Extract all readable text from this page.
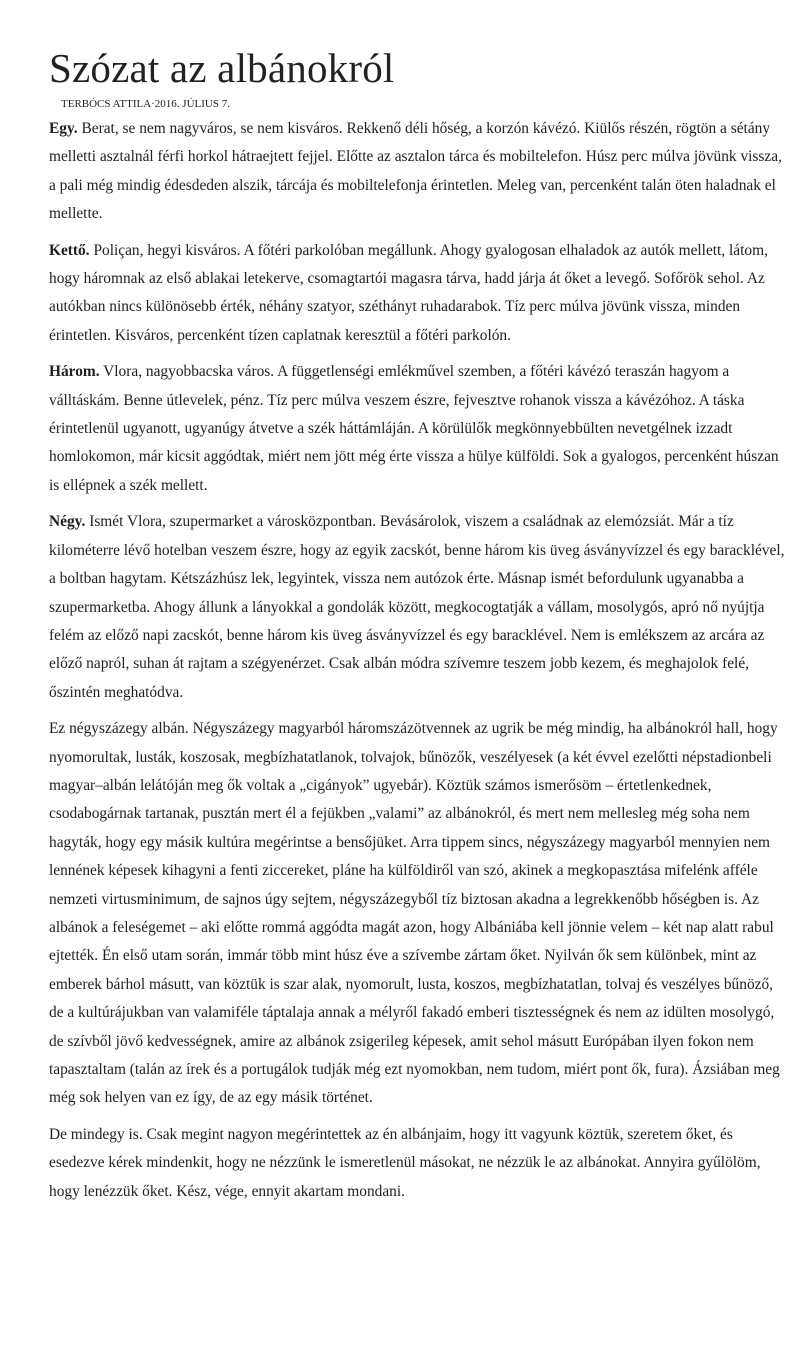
Szózat az albánokról
TERBÓCS ATTILA·2016. JÚLIUS 7.

Egy. Berat, se nem nagyváros, se nem kisváros. Rekkenő déli hőség, a korzón kávézó. Kiülős részén, rögtön a sétány melletti asztalnál férfi horkol hátraejtett fejjel. Előtte az asztalon tárca és mobiltelefon. Húsz perc múlva jövünk vissza, a pali még mindig édesdeden alszik, tárcája és mobiltelefonja érintetlen. Meleg van, percenként talán öten haladnak el mellette.

Kettő. Poliçan, hegyi kisváros. A főtéri parkolóban megállunk. Ahogy gyalogosan elhaladok az autók mellett, látom, hogy háromnak az első ablakai letekerve, csomagtartói magasra tárva, hadd járja át őket a levegő. Sofőrök sehol. Az autókban nincs különösebb érték, néhány szatyor, széthányt ruhadarabok. Tíz perc múlva jövünk vissza, minden érintetlen. Kisváros, percenként tízen caplatnak keresztül a főtéri parkolón.

Három. Vlora, nagyobbacska város. A függetlenségi emlékművel szemben, a főtéri kávézó teraszán hagyom a válltáskám. Benne útlevelek, pénz. Tíz perc múlva veszem észre, fejvesztve rohanok vissza a kávézóhoz. A táska érintetlenül ugyanott, ugyanúgy átvetve a szék háttámláján. A körülülők megkönnyebbülten nevetgélnek izzadt homlokomon, már kicsit aggódtak, miért nem jött még érte vissza a hülye külföldi. Sok a gyalogos, percenként húszan is ellépnek a szék mellett.

Négy. Ismét Vlora, szupermarket a városközpontban. Bevásárolok, viszem a családnak az elemózsiát. Már a tíz kilométerre lévő hotelban veszem észre, hogy az egyik zacskót, benne három kis üveg ásványvízzel és egy baracklével, a boltban hagytam. Kétszázhúsz lek, legyintek, vissza nem autózok érte. Másnap ismét befordulunk ugyanabba a szupermarketba. Ahogy állunk a lányokkal a gondolák között, megkocogtatják a vállam, mosolygós, apró nő nyújtja felém az előző napi zacskót, benne három kis üveg ásványvízzel és egy baracklével. Nem is emlékszem az arcára az előző napról, suhan át rajtam a szégyenérzet. Csak albán módra szívemre teszem jobb kezem, és meghajolok felé, őszintén meghatódva.

Ez négyszázegy albán. Négyszázegy magyarból háromszázötvennek az ugrik be még mindig, ha albánokról hall, hogy nyomorultak, lusták, koszosak, megbízhatatlanok, tolvajok, bűnözők, veszélyesek (a két évvel ezelőtti népstadionbeli magyar–albán lelátóján meg ők voltak a „cigányok” ugyebár). Köztük számos ismerősöm – értetlenkednek, csodabogárnak tartanak, pusztán mert él a fejükben „valami” az albánokról, és mert nem mellesleg még soha nem hagyták, hogy egy másik kultúra megérintse a bensőjüket. Arra tippem sincs, négyszázegy magyarból mennyien nem lennének képesek kihagyni a fenti ziccereket, pláne ha külföldiről van szó, akinek a megkopasztása mifelénk afféle nemzeti virtusminimum, de sajnos úgy sejtem, négyszázegyből tíz biztosan akadna a legrekkenőbb hőségben is. Az albánok a feleségemet – aki előtte rommá aggódta magát azon, hogy Albániába kell jönnie velem – két nap alatt rabul ejtették. Én első utam során, immár több mint húsz éve a szívembe zártam őket. Nyilván ők sem különbek, mint az emberek bárhol másutt, van köztük is szar alak, nyomorult, lusta, koszos, megbízhatatlan, tolvaj és veszélyes bűnöző, de a kultúrájukban van valamiféle táptalaja annak a mélyről fakadó emberi tisztességnek és nem az idülten mosolygó, de szívből jövő kedvességnek, amire az albánok zsigerileg képesek, amit sehol másutt Európában ilyen fokon nem tapasztaltam (talán az írek és a portugálok tudják még ezt nyomokban, nem tudom, miért pont ők, fura). Ázsiában meg még sok helyen van ez így, de az egy másik történet.

De mindegy is. Csak megint nagyon megérintettek az én albánjaim, hogy itt vagyunk köztük, szeretem őket, és esedezve kérek mindenkit, hogy ne nézzünk le ismeretlenül másokat, ne nézzük le az albánokat. Annyira gyűlölöm, hogy lenézzük őket. Kész, vége, ennyit akartam mondani.
